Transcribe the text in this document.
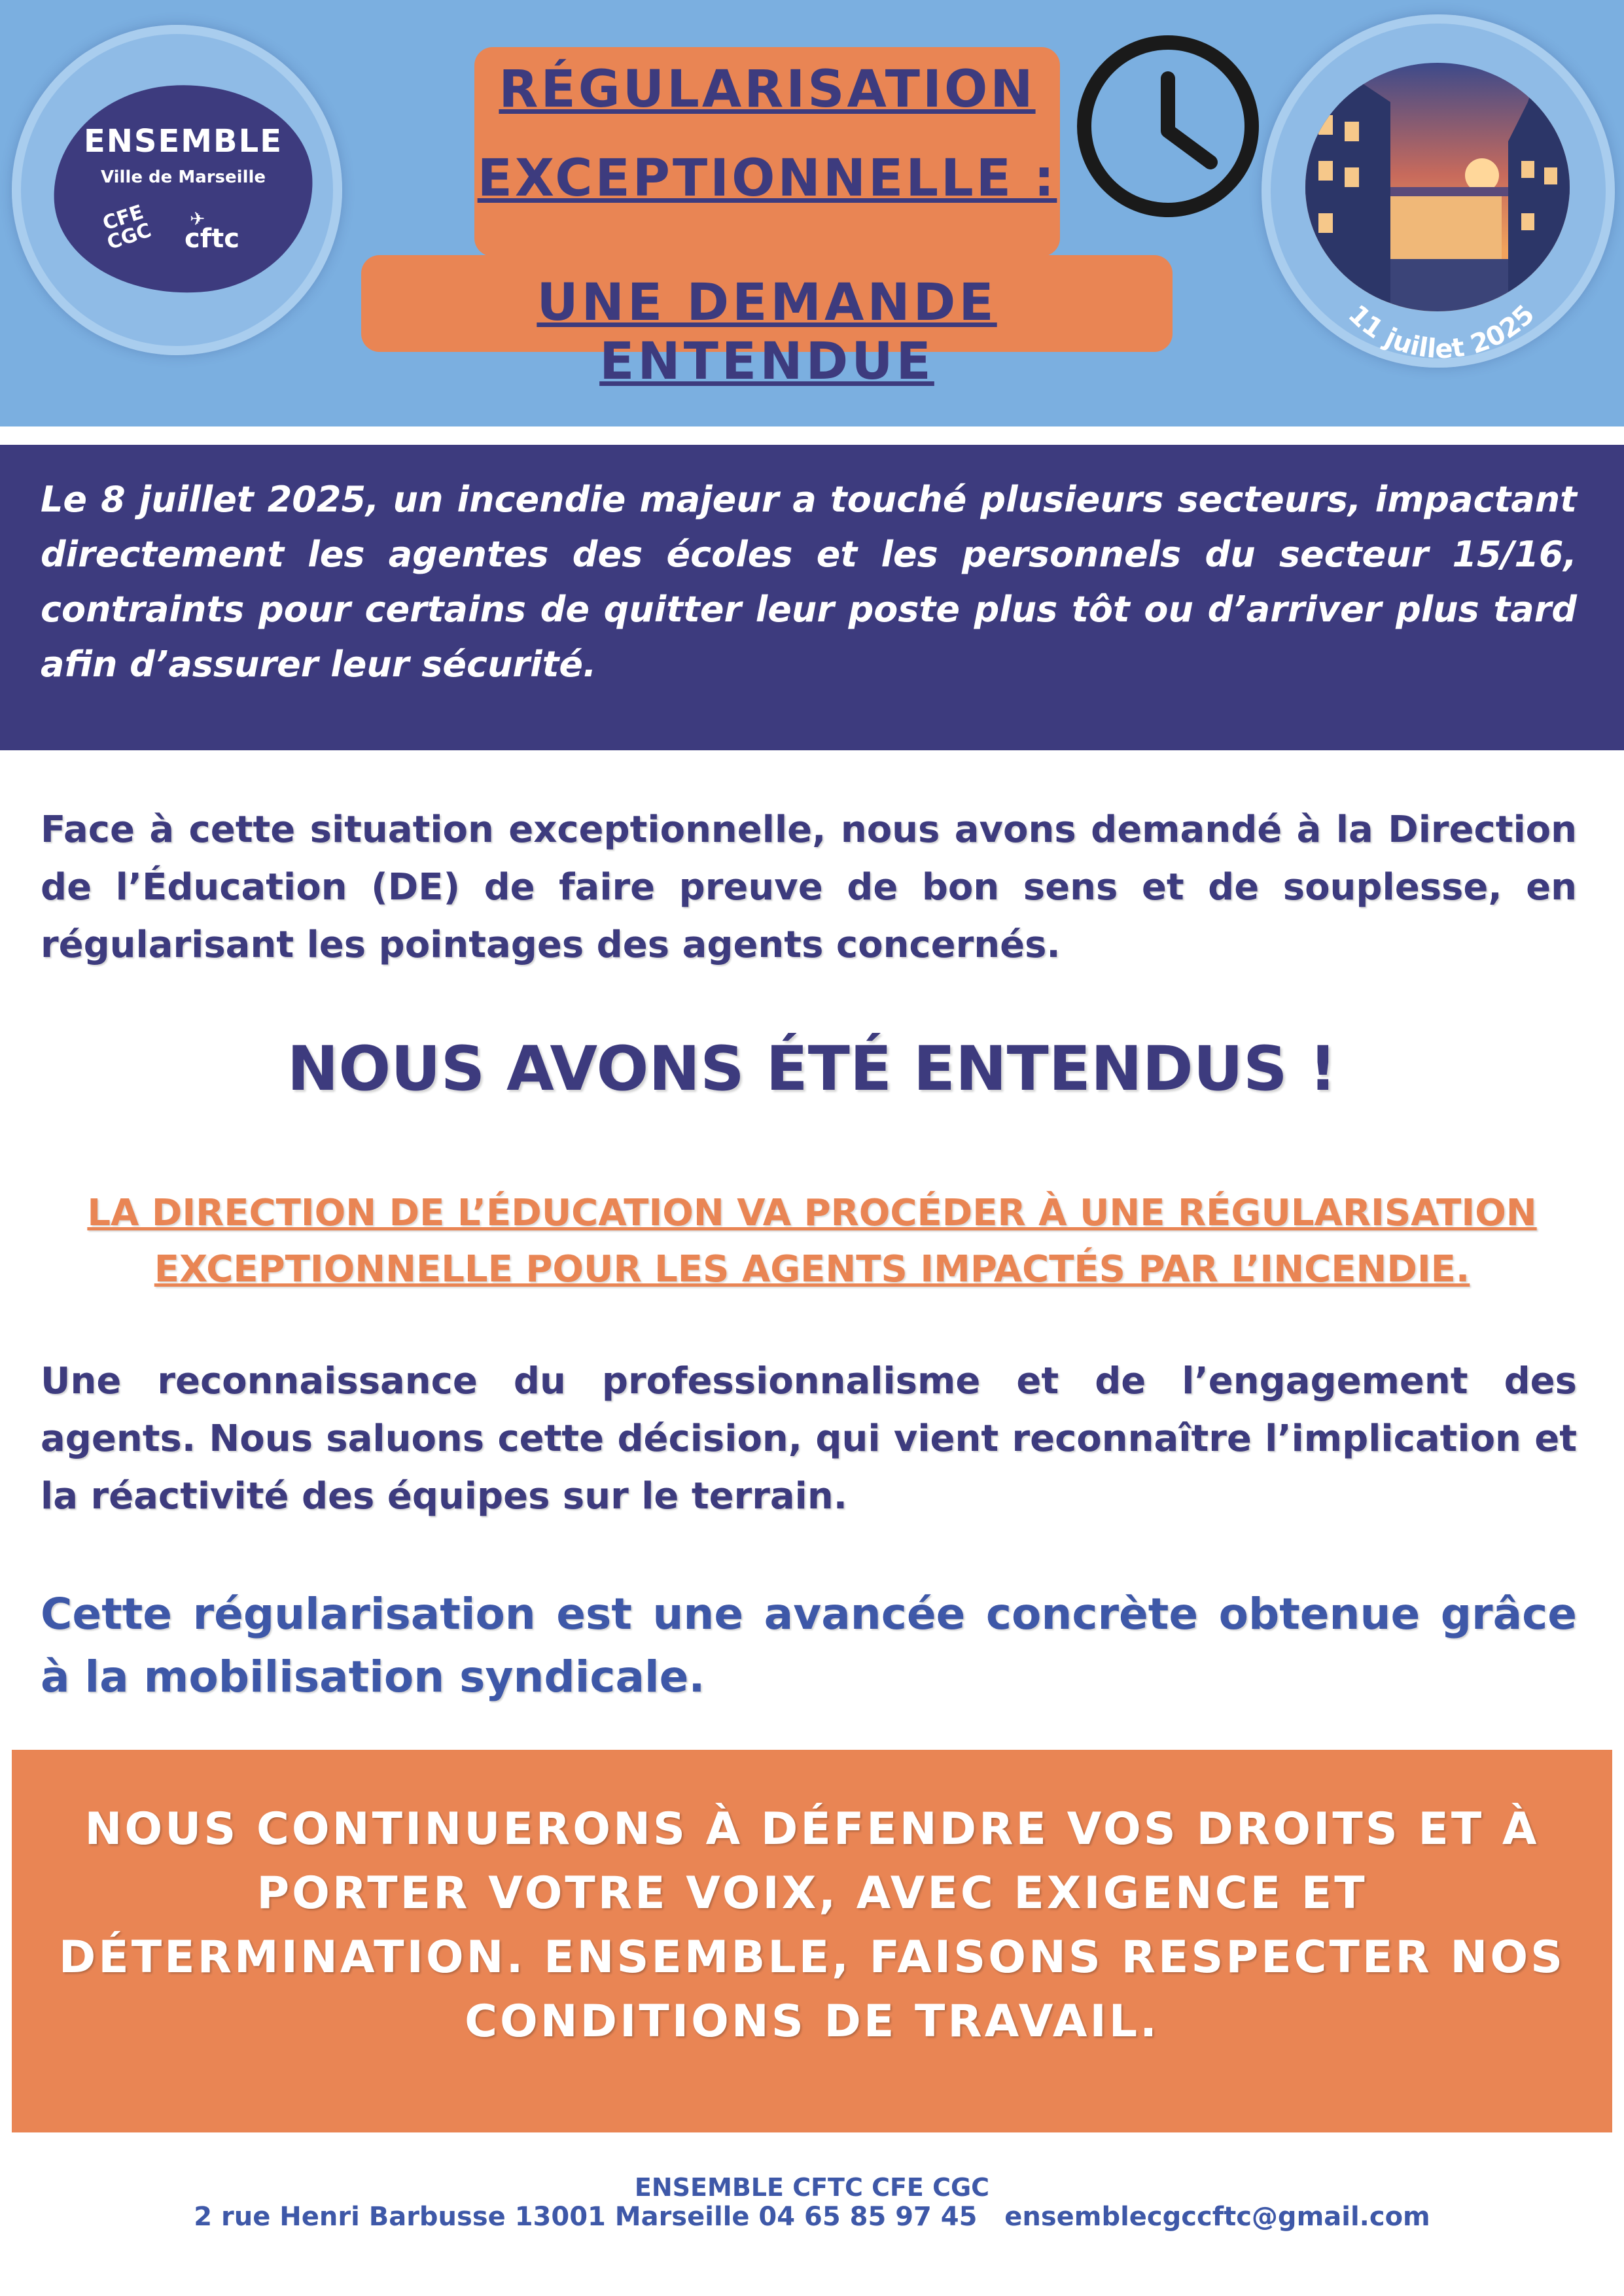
ENSEMBLE
Ville de Marseille
CFE CGC
✈
cftc
RÉGULARISATION
EXCEPTIONNELLE :
UNE DEMANDE ENTENDUE
11 juillet 2025
Le 8 juillet 2025, un incendie majeur a touché plusieurs secteurs, impactant directement les agentes des écoles et les personnels du secteur 15/16, contraints pour certains de quitter leur poste plus tôt ou d’arriver plus tard afin d’assurer leur sécurité.
Face à cette situation exceptionnelle, nous avons demandé à la Direction de l’Éducation (DE) de faire preuve de bon sens et de souplesse, en régularisant les pointages des agents concernés.
NOUS AVONS ÉTÉ ENTENDUS !
LA DIRECTION DE L’ÉDUCATION VA PROCÉDER À UNE RÉGULARISATION EXCEPTIONNELLE POUR LES AGENTS IMPACTÉS PAR L’INCENDIE.
Une reconnaissance du professionnalisme et de l’engagement des agents. Nous saluons cette décision, qui vient reconnaître l’implication et la réactivité des équipes sur le terrain.
Cette régularisation est une avancée concrète obtenue grâce à la mobilisation syndicale.
NOUS CONTINUERONS À DÉFENDRE VOS DROITS ET À PORTER VOTRE VOIX, AVEC EXIGENCE ET DÉTERMINATION. ENSEMBLE, FAISONS RESPECTER NOS CONDITIONS DE TRAVAIL.
ENSEMBLE CFTC CFE CGC
2 rue Henri Barbusse 13001 Marseille 04 65 85 97 45   ensemblecgccftc@gmail.com
